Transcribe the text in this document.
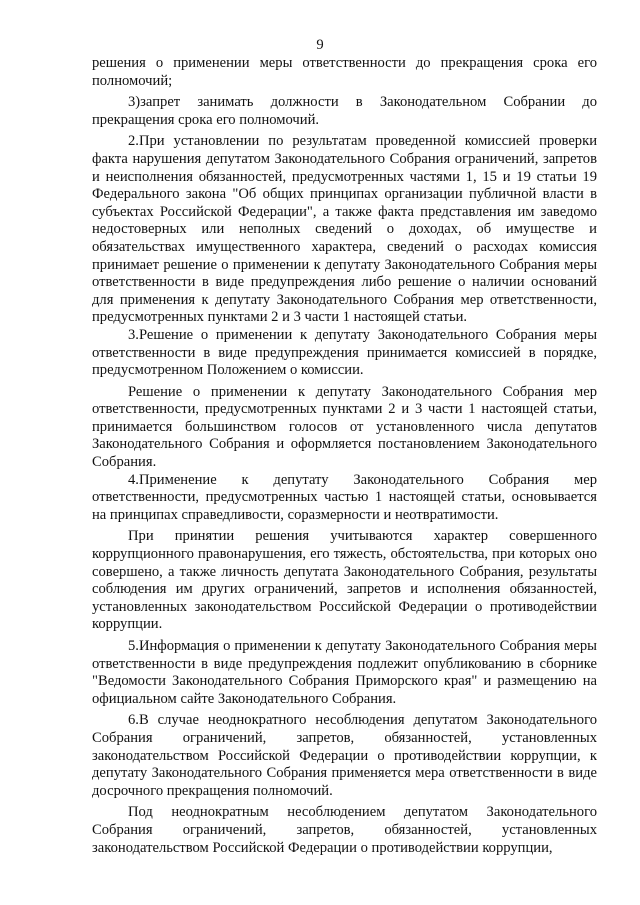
9

решения о применении меры ответственности до прекращения срока его полномочий;

3)запрет занимать должности в Законодательном Собрании до прекращения срока его полномочий.

2.При установлении по результатам проведенной комиссией проверки факта нарушения депутатом Законодательного Собрания ограничений, запретов и неисполнения обязанностей, предусмотренных частями 1, 15 и 19 статьи 19 Федерального закона "Об общих принципах организации публичной власти в субъектах Российской Федерации", а также факта представления им заведомо недостоверных или неполных сведений о доходах, об имуществе и обязательствах имущественного характера, сведений о расходах комиссия принимает решение о применении к депутату Законодательного Собрания меры ответственности в виде предупреждения либо решение о наличии оснований для применения к депутату Законодательного Собрания мер ответственности, предусмотренных пунктами 2 и 3 части 1 настоящей статьи.

3.Решение о применении к депутату Законодательного Собрания меры ответственности в виде предупреждения принимается комиссией в порядке, предусмотренном Положением о комиссии.

Решение о применении к депутату Законодательного Собрания мер ответственности, предусмотренных пунктами 2 и 3 части 1 настоящей статьи, принимается большинством голосов от установленного числа депутатов Законодательного Собрания и оформляется постановлением Законодательного Собрания.

4.Применение к депутату Законодательного Собрания мер ответственности, предусмотренных частью 1 настоящей статьи, основывается на принципах справедливости, соразмерности и неотвратимости.

При принятии решения учитываются характер совершенного коррупционного правонарушения, его тяжесть, обстоятельства, при которых оно совершено, а также личность депутата Законодательного Собрания, результаты соблюдения им других ограничений, запретов и исполнения обязанностей, установленных законодательством Российской Федерации о противодействии коррупции.

5.Информация о применении к депутату Законодательного Собрания меры ответственности в виде предупреждения подлежит опубликованию в сборнике "Ведомости Законодательного Собрания Приморского края" и размещению на официальном сайте Законодательного Собрания.

6.В случае неоднократного несоблюдения депутатом Законодательного Собрания ограничений, запретов, обязанностей, установленных законодательством Российской Федерации о противодействии коррупции, к депутату Законодательного Собрания применяется мера ответственности в виде досрочного прекращения полномочий.

Под неоднократным несоблюдением депутатом Законодательного Собрания ограничений, запретов, обязанностей, установленных законодательством Российской Федерации о противодействии коррупции,
